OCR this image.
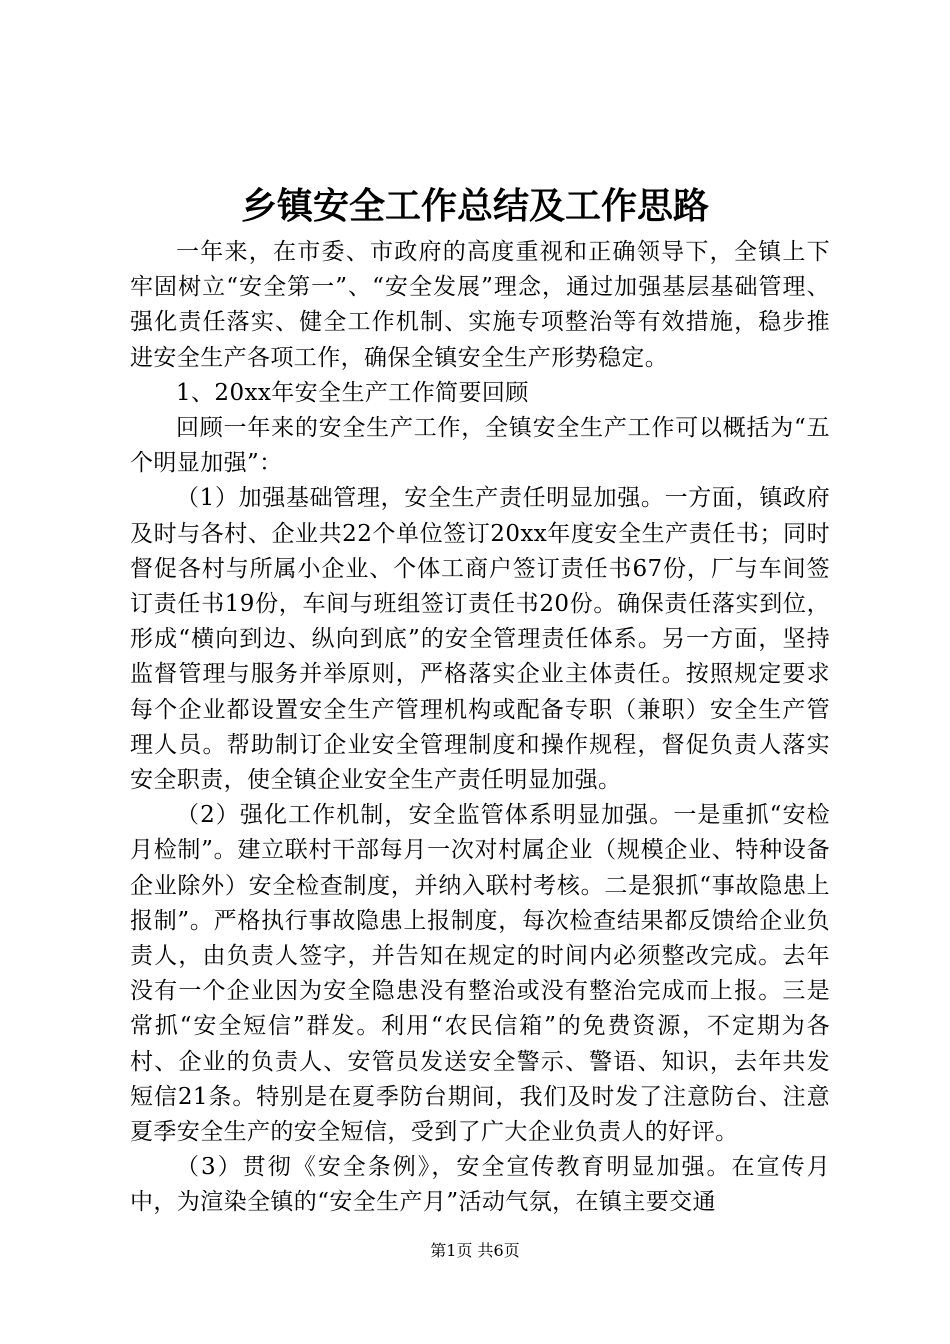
乡镇安全工作总结及工作思路

一年来，在市委、市政府的高度重视和正确领导下，全镇上下牢固树立“安全第一”、“安全发展”理念，通过加强基层基础管理、强化责任落实、健全工作机制、实施专项整治等有效措施，稳步推进安全生产各项工作，确保全镇安全生产形势稳定。

1、20xx年安全生产工作简要回顾

回顾一年来的安全生产工作，全镇安全生产工作可以概括为“五个明显加强”：

（1）加强基础管理，安全生产责任明显加强。一方面，镇政府及时与各村、企业共22个单位签订20xx年度安全生产责任书；同时督促各村与所属小企业、个体工商户签订责任书67份，厂与车间签订责任书19份，车间与班组签订责任书20份。确保责任落实到位，形成“横向到边、纵向到底”的安全管理责任体系。另一方面，坚持监督管理与服务并举原则，严格落实企业主体责任。按照规定要求每个企业都设置安全生产管理机构或配备专职（兼职）安全生产管理人员。帮助制订企业安全管理制度和操作规程，督促负责人落实安全职责，使全镇企业安全生产责任明显加强。

（2）强化工作机制，安全监管体系明显加强。一是重抓“安检月检制”。建立联村干部每月一次对村属企业（规模企业、特种设备企业除外）安全检查制度，并纳入联村考核。二是狠抓“事故隐患上报制”。严格执行事故隐患上报制度，每次检查结果都反馈给企业负责人，由负责人签字，并告知在规定的时间内必须整改完成。去年没有一个企业因为安全隐患没有整治或没有整治完成而上报。三是常抓“安全短信”群发。利用“农民信箱”的免费资源，不定期为各村、企业的负责人、安管员发送安全警示、警语、知识，去年共发短信21条。特别是在夏季防台期间，我们及时发了注意防台、注意夏季安全生产的安全短信，受到了广大企业负责人的好评。

（3）贯彻《安全条例》，安全宣传教育明显加强。在宣传月中，为渲染全镇的“安全生产月”活动气氛，在镇主要交通

第1页 共6页
